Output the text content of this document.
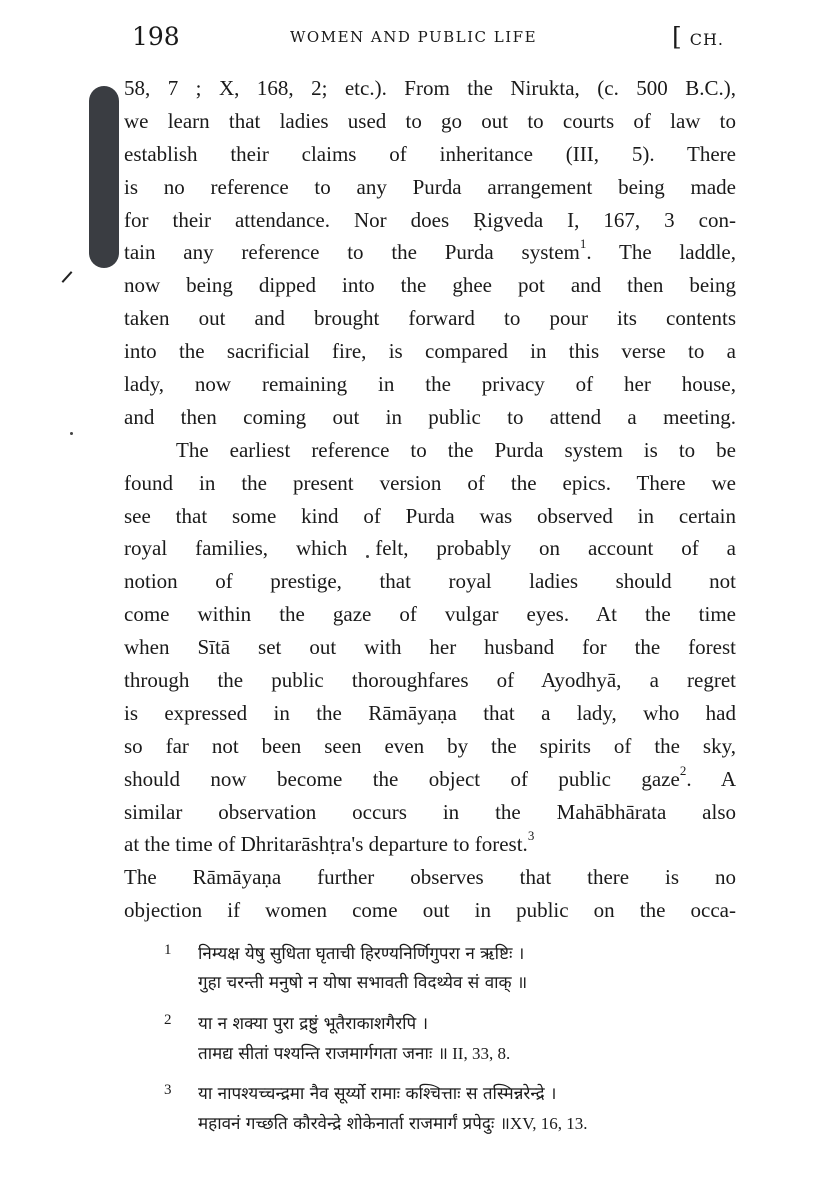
198	WOMEN AND PUBLIC LIFE	[ CH.
58, 7 ; X, 168, 2; etc.). From the Nirukta, (c. 500 B.C.),
we learn that ladies used to go out to courts of law to
establish their claims of inheritance (III, 5). There
is no reference to any Purda arrangement being made
for their attendance. Nor does Ṛigveda I, 167, 3 con-
tain any reference to the Purda system$^1$. The laddle,
now being dipped into the ghee pot and then being
taken out and brought forward to pour its contents
into the sacrificial fire, is compared in this verse to a
lady, now remaining in the privacy of her house,
and then coming out in public to attend a meeting.
The earliest reference to the Purda system is to be
found in the present version of the epics. There we
see that some kind of Purda was observed in certain
royal families, which felt, probably on account of a
notion of prestige, that royal ladies should not
come within the gaze of vulgar eyes. At the time
when Sītā set out with her husband for the forest
through the public thoroughfares of Ayodhyā, a regret
is expressed in the Rāmāyaṇa that a lady, who had
so far not been seen even by the spirits of the sky,
should now become the object of public gaze$^2$. A
similar observation occurs in the Mahābhārata also
at the time of Dhritarāshṭra's departure to forest.$^3$
The Rāmāyaṇa further observes that there is no
objection if women come out in public on the occa-
1 निम्यक्ष येषु सुधिता घृताची हिरण्यनिर्णिगुपरा न ऋष्टिः ।
गुहा चरन्ती मनुषो न योषा सभावती विदथ्येव सं वाक् ॥
2 या न शक्या पुरा द्रष्टुं भूतैराकाशगैरपि ।
तामद्य सीतां पश्यन्ति राजमार्गगता जनाः ॥ II, 33, 8.
3 या नापश्यच्चन्द्रमा नैव सूर्य्यो रामाः कश्चित्ताः स तस्मिन्नरेन्द्रे ।
महावनं गच्छति कौरवेन्द्रे शोकेनार्ता राजमार्गं प्रपेदुः ॥XV, 16, 13.
